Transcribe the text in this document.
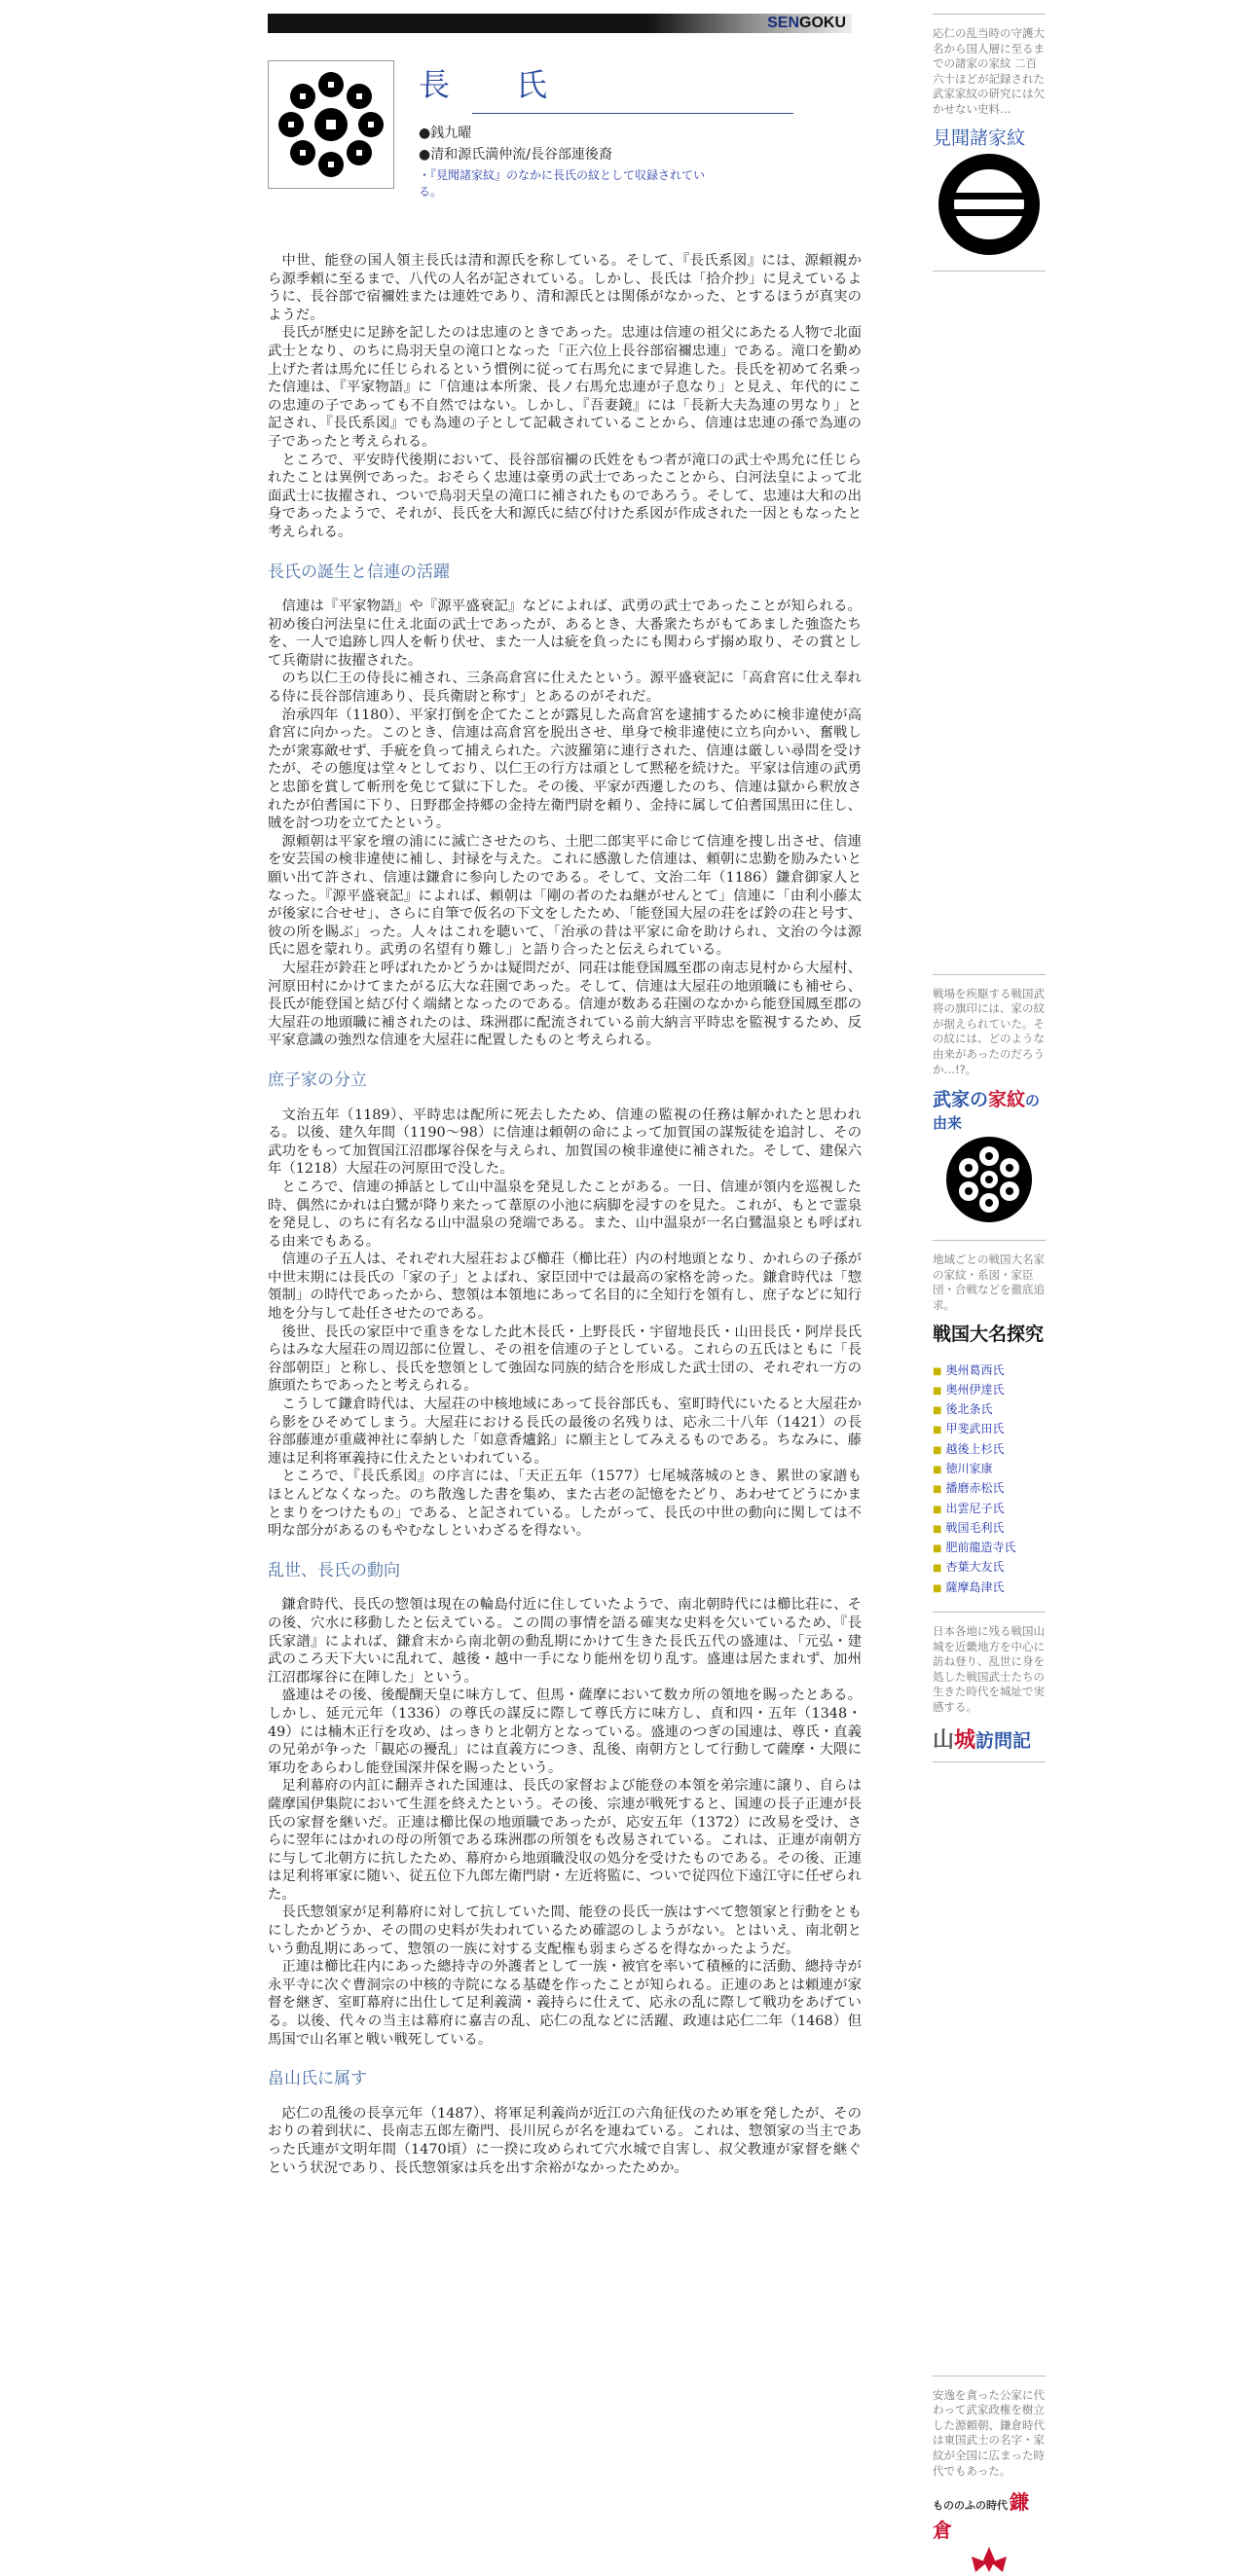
SENGOKU
長　氏
●銭九曜
●清和源氏満仲流/長谷部連後裔
・『見聞諸家紋』のなかに長氏の紋として収録されている。

中世、能登の国人領主長氏は清和源氏を称している。そして、『長氏系図』には、源頼親から源季頼に至るまで、八代の人名が記されている。しかし、長氏は「拾介抄」に見えているように、長谷部で宿禰姓または連姓であり、清和源氏とは関係がなかった、とするほうが真実のようだ。

長氏が歴史に足跡を記したのは忠連のときであった。忠連は信連の祖父にあたる人物で北面武士となり、のちに鳥羽天皇の滝口となった「正六位上長谷部宿禰忠連」である。滝口を勤め上げた者は馬允に任じられるという慣例に従って右馬允にまで昇進した。長氏を初めて名乗った信連は、『平家物語』に「信連は本所衆、長ノ右馬允忠連が子息なり」と見え、年代的にこの忠連の子であっても不自然ではない。しかし、『吾妻鏡』には「長新大夫為連の男なり」と記され、『長氏系図』でも為連の子として記載されていることから、信連は忠連の孫で為連の子であったと考えられる。

ところで、平安時代後期において、長谷部宿禰の氏姓をもつ者が滝口の武士や馬允に任じられたことは異例であった。おそらく忠連は豪勇の武士であったことから、白河法皇によって北面武士に抜擢され、ついで鳥羽天皇の滝口に補されたものであろう。そして、忠連は大和の出身であったようで、それが、長氏を大和源氏に結び付けた系図が作成された一因ともなったと考えられる。

長氏の誕生と信連の活躍

信連は『平家物語』や『源平盛衰記』などによれば、武勇の武士であったことが知られる。初め後白河法皇に仕え北面の武士であったが、あるとき、大番衆たちがもてあました強盗たちを、一人で追跡し四人を斬り伏せ、また一人は疵を負ったにも関わらず搦め取り、その賞として兵衛尉に抜擢された。

のち以仁王の侍長に補され、三条高倉宮に仕えたという。源平盛衰記に「高倉宮に仕え奉れる侍に長谷部信連あり、長兵衛尉と称す」とあるのがそれだ。

治承四年（1180）、平家打倒を企てたことが露見した高倉宮を逮捕するために検非違使が高倉宮に向かった。このとき、信連は高倉宮を脱出させ、単身で検非違使に立ち向かい、奮戦したが衆寡敵せず、手疵を負って捕えられた。六波羅第に連行された、信連は厳しい尋問を受けたが、その態度は堂々としており、以仁王の行方は頑として黙秘を続けた。平家は信連の武勇と忠節を賞して斬刑を免じて獄に下した。その後、平家が西遷したのち、信連は獄から釈放されたが伯耆国に下り、日野郡金持郷の金持左衛門尉を頼り、金持に属して伯耆国黒田に住し、賊を討つ功を立てたという。

源頼朝は平家を壇の浦にに滅亡させたのち、土肥二郎実平に命じて信連を捜し出させ、信連を安芸国の検非違使に補し、封禄を与えた。これに感激した信連は、頼朝に忠勤を励みたいと願い出て許され、信連は鎌倉に参向したのである。そして、文治二年（1186）鎌倉御家人となった。『源平盛衰記』によれば、頼朝は「剛の者のたね継がせんとて」信連に「由利小藤太が後家に合せせ」、さらに自筆で仮名の下文をしたため、「能登国大屋の荘をば鈴の荘と号す、彼の所を賜ぶ」った。人々はこれを聴いて、「治承の昔は平家に命を助けられ、文治の今は源氏に恩を蒙れり。武勇の名望有り難し」と語り合ったと伝えられている。

大屋荘が鈴荘と呼ばれたかどうかは疑問だが、同荘は能登国鳳至郡の南志見村から大屋村、河原田村にかけてまたがる広大な荘園であった。そして、信連は大屋荘の地頭職にも補せら、長氏が能登国と結び付く端緒となったのである。信連が数ある荘園のなかから能登国鳳至郡の大屋荘の地頭職に補されたのは、珠洲郡に配流されている前大納言平時忠を監視するため、反平家意識の強烈な信連を大屋荘に配置したものと考えられる。

庶子家の分立

文治五年（1189）、平時忠は配所に死去したため、信連の監視の任務は解かれたと思われる。以後、建久年間（1190～98）に信連は頼朝の命によって加賀国の謀叛徒を追討し、その武功をもって加賀国江沼郡塚谷保を与えられ、加賀国の検非違使に補された。そして、建保六年（1218）大屋荘の河原田で没した。

ところで、信連の挿話として山中温泉を発見したことがある。一日、信連が領内を巡視した時、偶然にかれは白鷺が降り来たって葦原の小池に病脚を浸すのを見た。これが、もとで霊泉を発見し、のちに有名なる山中温泉の発端である。また、山中温泉が一名白鷺温泉とも呼ばれる由来でもある。

信連の子五人は、それぞれ大屋荘および櫛荘（櫛比荘）内の村地頭となり、かれらの子孫が中世末期には長氏の「家の子」とよばれ、家臣団中では最高の家格を誇った。鎌倉時代は「惣領制」の時代であったから、惣領は本領地にあって名目的に全知行を領有し、庶子などに知行地を分与して赴任させたのである。

後世、長氏の家臣中で重きをなした此木長氏・上野長氏・宇留地長氏・山田長氏・阿岸長氏らはみな大屋荘の周辺部に位置し、その祖を信連の子としている。これらの五氏はともに「長谷部朝臣」と称し、長氏を惣領として強固な同族的結合を形成した武士団の、それぞれ一方の旗頭たちであったと考えられる。

こうして鎌倉時代は、大屋荘の中核地域にあって長谷部氏も、室町時代にいたると大屋荘から影をひそめてしまう。大屋荘における長氏の最後の名残りは、応永二十八年（1421）の長谷部藤連が重蔵神社に奉納した「如意香爐銘」に願主としてみえるものである。ちなみに、藤連は足利将軍義持に仕えたといわれている。

ところで、『長氏系図』の序言には、「天正五年（1577）七尾城落城のとき、累世の家譜もほとんどなくなった。のち散逸した書を集め、また古老の記憶をたどり、あわせてどうにかまとまりをつけたもの」である、と記されている。したがって、長氏の中世の動向に関しては不明な部分があるのもやむなしといわざるを得ない。

乱世、長氏の動向

鎌倉時代、長氏の惣領は現在の輪島付近に住していたようで、南北朝時代には櫛比荘に、その後、穴水に移動したと伝えている。この間の事情を語る確実な史料を欠いているため、『長氏家譜』によれば、鎌倉末から南北朝の動乱期にかけて生きた長氏五代の盛連は、「元弘・建武のころ天下大いに乱れて、越後・越中一手になり能州を切り乱す。盛連は居たまれず、加州江沼郡塚谷に在陣した」という。

盛連はその後、後醍醐天皇に味方して、但馬・薩摩において数カ所の領地を賜ったとある。しかし、延元元年（1336）の尊氏の謀反に際して尊氏方に味方し、貞和四・五年（1348・49）には楠木正行を攻め、はっきりと北朝方となっている。盛連のつぎの国連は、尊氏・直義の兄弟が争った「観応の擾乱」には直義方につき、乱後、南朝方として行動して薩摩・大隈に軍功をあらわし能登国深井保を賜ったという。

足利幕府の内訌に翻弄された国連は、長氏の家督および能登の本領を弟宗連に譲り、自らは薩摩国伊集院において生涯を終えたという。その後、宗連が戦死すると、国連の長子正連が長氏の家督を継いだ。正連は櫛比保の地頭職であったが、応安五年（1372）に改易を受け、さらに翌年にはかれの母の所領である珠洲郡の所領をも改易されている。これは、正連が南朝方に与して北朝方に抗したため、幕府から地頭職没収の処分を受けたものである。その後、正連は足利将軍家に随い、従五位下九郎左衛門尉・左近将監に、ついで従四位下遠江守に任ぜられた。

長氏惣領家が足利幕府に対して抗していた間、能登の長氏一族はすべて惣領家と行動をともにしたかどうか、その間の史料が失われているため確認のしようがない。とはいえ、南北朝という動乱期にあって、惣領の一族に対する支配権も弱まらざるを得なかったようだ。

正連は櫛比荘内にあった總持寺の外護者として一族・被官を率いて積極的に活動、總持寺が永平寺に次ぐ曹洞宗の中核的寺院になる基礎を作ったことが知られる。正連のあとは頼連が家督を継ぎ、室町幕府に出仕して足利義満・義持らに仕えて、応永の乱に際して戦功をあげている。以後、代々の当主は幕府に嘉吉の乱、応仁の乱などに活躍、政連は応仁二年（1468）但馬国で山名軍と戦い戦死している。

畠山氏に属す

応仁の乱後の長享元年（1487）、将軍足利義尚が近江の六角征伐のため軍を発したが、そのおりの着到状に、長南志五郎左衛門、長川尻らが名を連ねている。これは、惣領家の当主であった氏連が文明年間（1470頃）に一揆に攻められて穴水城で自害し、叔父教連が家督を継ぐという状況であり、長氏惣領家は兵を出す余裕がなかったためか。

応仁の乱当時の守護大名から国人層に至るまでの諸家の家紋 二百六十ほどが記録された武家家紋の研究には欠かせない史料…
見聞諸家紋
戦場を疾駆する戦国武将の旗印には、家の紋が据えられていた。その紋には、どのような由来があったのだろうか…!?。
武家の家紋の由来
地域ごとの戦国大名家の家紋・系図・家臣団・合戦などを徹底追求。
戦国大名探究
■ 奥州葛西氏
■ 奥州伊達氏
■ 後北条氏
■ 甲斐武田氏
■ 越後上杉氏
■ 徳川家康
■ 播磨赤松氏
■ 出雲尼子氏
■ 戦国毛利氏
■ 肥前龍造寺氏
■ 杏葉大友氏
■ 薩摩島津氏
日本各地に残る戦国山城を近畿地方を中心に訪ね登り、乱世に身を処した戦国武士たちの生きた時代を城址で実感する。
山城訪問記
安逸を貪った公家に代わって武家政権を樹立した源頼朝、鎌倉時代は東国武士の名字・家紋が全国に広まった時代でもあった。
もののふの時代 鎌倉
